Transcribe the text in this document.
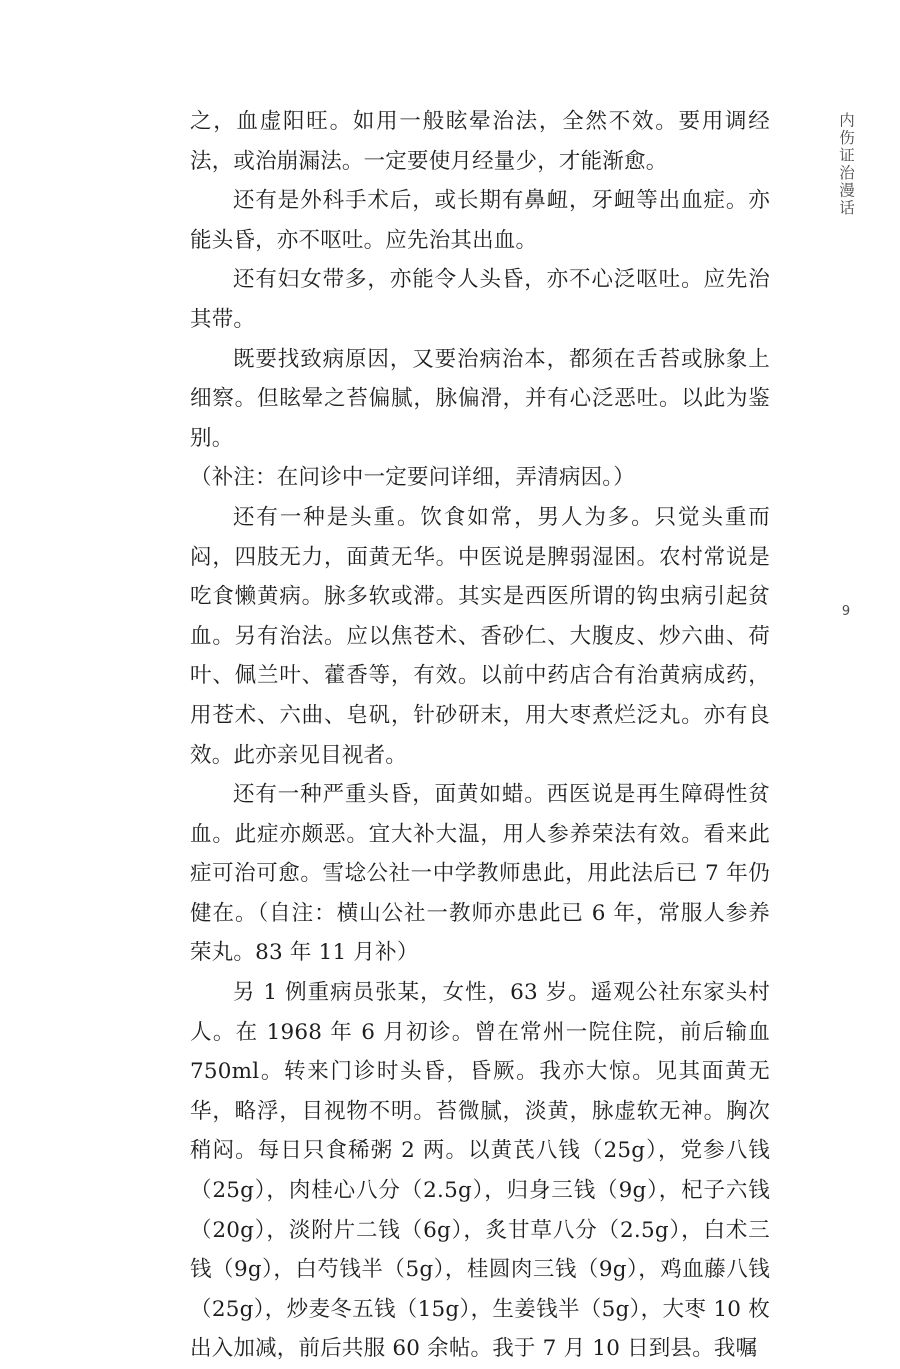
内伤证治漫话
9

之，血虚阳旺。如用一般眩晕治法，全然不效。要用调经法，或治崩漏法。一定要使月经量少，才能渐愈。

还有是外科手术后，或长期有鼻衄，牙衄等出血症。亦能头昏，亦不呕吐。应先治其出血。

还有妇女带多，亦能令人头昏，亦不心泛呕吐。应先治其带。

既要找致病原因，又要治病治本，都须在舌苔或脉象上细察。但眩晕之苔偏腻，脉偏滑，并有心泛恶吐。以此为鉴别。

（补注：在问诊中一定要问详细，弄清病因。）

还有一种是头重。饮食如常，男人为多。只觉头重而闷，四肢无力，面黄无华。中医说是脾弱湿困。农村常说是吃食懒黄病。脉多软或滞。其实是西医所谓的钩虫病引起贫血。另有治法。应以焦苍术、香砂仁、大腹皮、炒六曲、荷叶、佩兰叶、藿香等，有效。以前中药店合有治黄病成药，用苍术、六曲、皂矾，针砂研末，用大枣煮烂泛丸。亦有良效。此亦亲见目视者。

还有一种严重头昏，面黄如蜡。西医说是再生障碍性贫血。此症亦颇恶。宜大补大温，用人参养荣法有效。看来此症可治可愈。雪埝公社一中学教师患此，用此法后已 7 年仍健在。（自注：横山公社一教师亦患此已 6 年，常服人参养荣丸。83 年 11 月补）

另 1 例重病员张某，女性，63 岁。遥观公社东家头村人。在 1968 年 6 月初诊。曾在常州一院住院，前后输血 750ml。转来门诊时头昏，昏厥。我亦大惊。见其面黄无华，略浮，目视物不明。苔微腻，淡黄，脉虚软无神。胸次稍闷。每日只食稀粥 2 两。以黄芪八钱（25g），党参八钱（25g），肉桂心八分（2.5g），归身三钱（9g），杞子六钱（20g），淡附片二钱（6g），炙甘草八分（2.5g），白术三钱（9g），白芍钱半（5g），桂圆肉三钱（9g），鸡血藤八钱（25g），炒麦冬五钱（15g），生姜钱半（5g），大枣 10 枚出入加减，前后共服 60 余帖。我于 7 月 10 日到县。我嘱
